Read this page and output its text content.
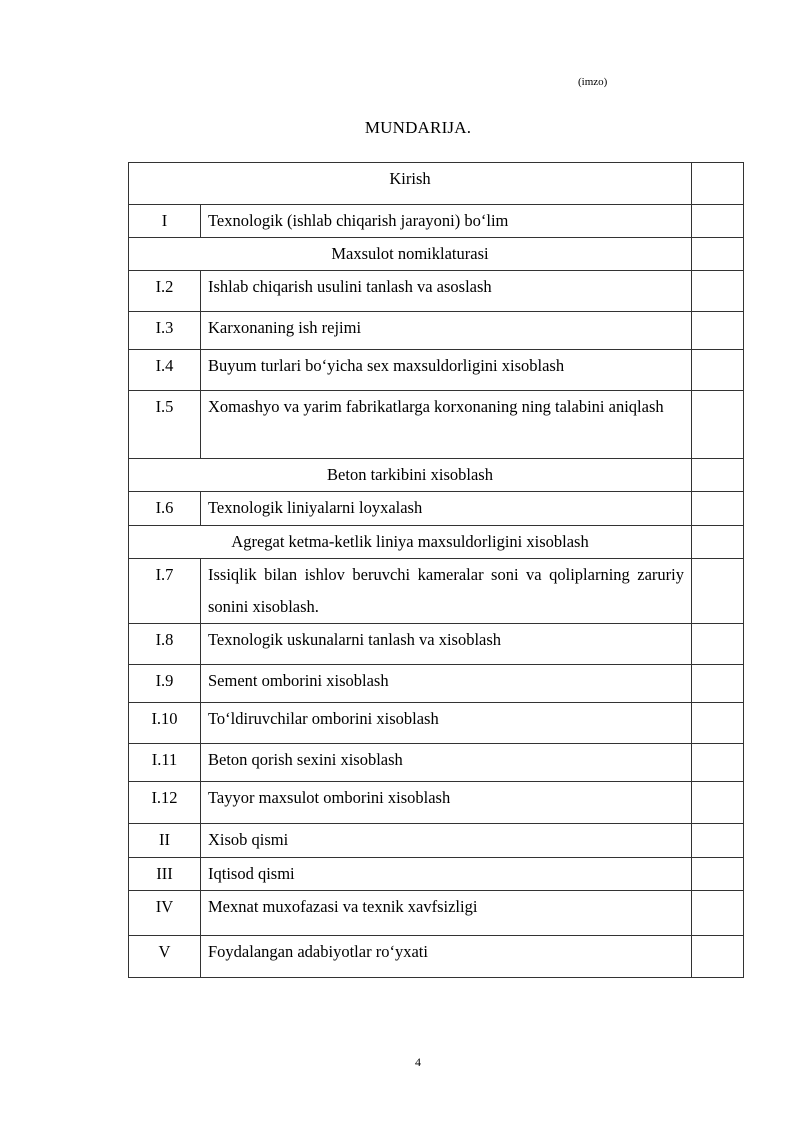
(imzo)
MUNDARIJA.
Kirish		
I	Texnologik (ishlab chiqarish jarayoni) bo‘lim	
Maxsulot nomiklaturasi		
I.2	Ishlab chiqarish usulini tanlash va asoslash	
I.3	Karxonaning ish rejimi	
I.4	Buyum turlari bo‘yicha sex maxsuldorligini xisoblash	
I.5	Xomashyo va yarim fabrikatlarga korxonaning ning talabini aniqlash	
Beton tarkibini xisoblash		
I.6	Texnologik liniyalarni loyxalash	
Agregat ketma-ketlik liniya maxsuldorligini xisoblash		
I.7	Issiqlik bilan ishlov beruvchi kameralar soni va qoliplarning zaruriy sonini xisoblash.	
I.8	Texnologik uskunalarni tanlash va xisoblash	
I.9	Sement omborini xisoblash	
I.10	To‘ldiruvchilar omborini xisoblash	
I.11	Beton qorish sexini xisoblash	
I.12	Tayyor maxsulot omborini xisoblash	
II	Xisob qismi	
III	Iqtisod qismi	
IV	Mexnat muxofazasi va texnik xavfsizligi	
V	Foydalangan adabiyotlar ro‘yxati	
4
